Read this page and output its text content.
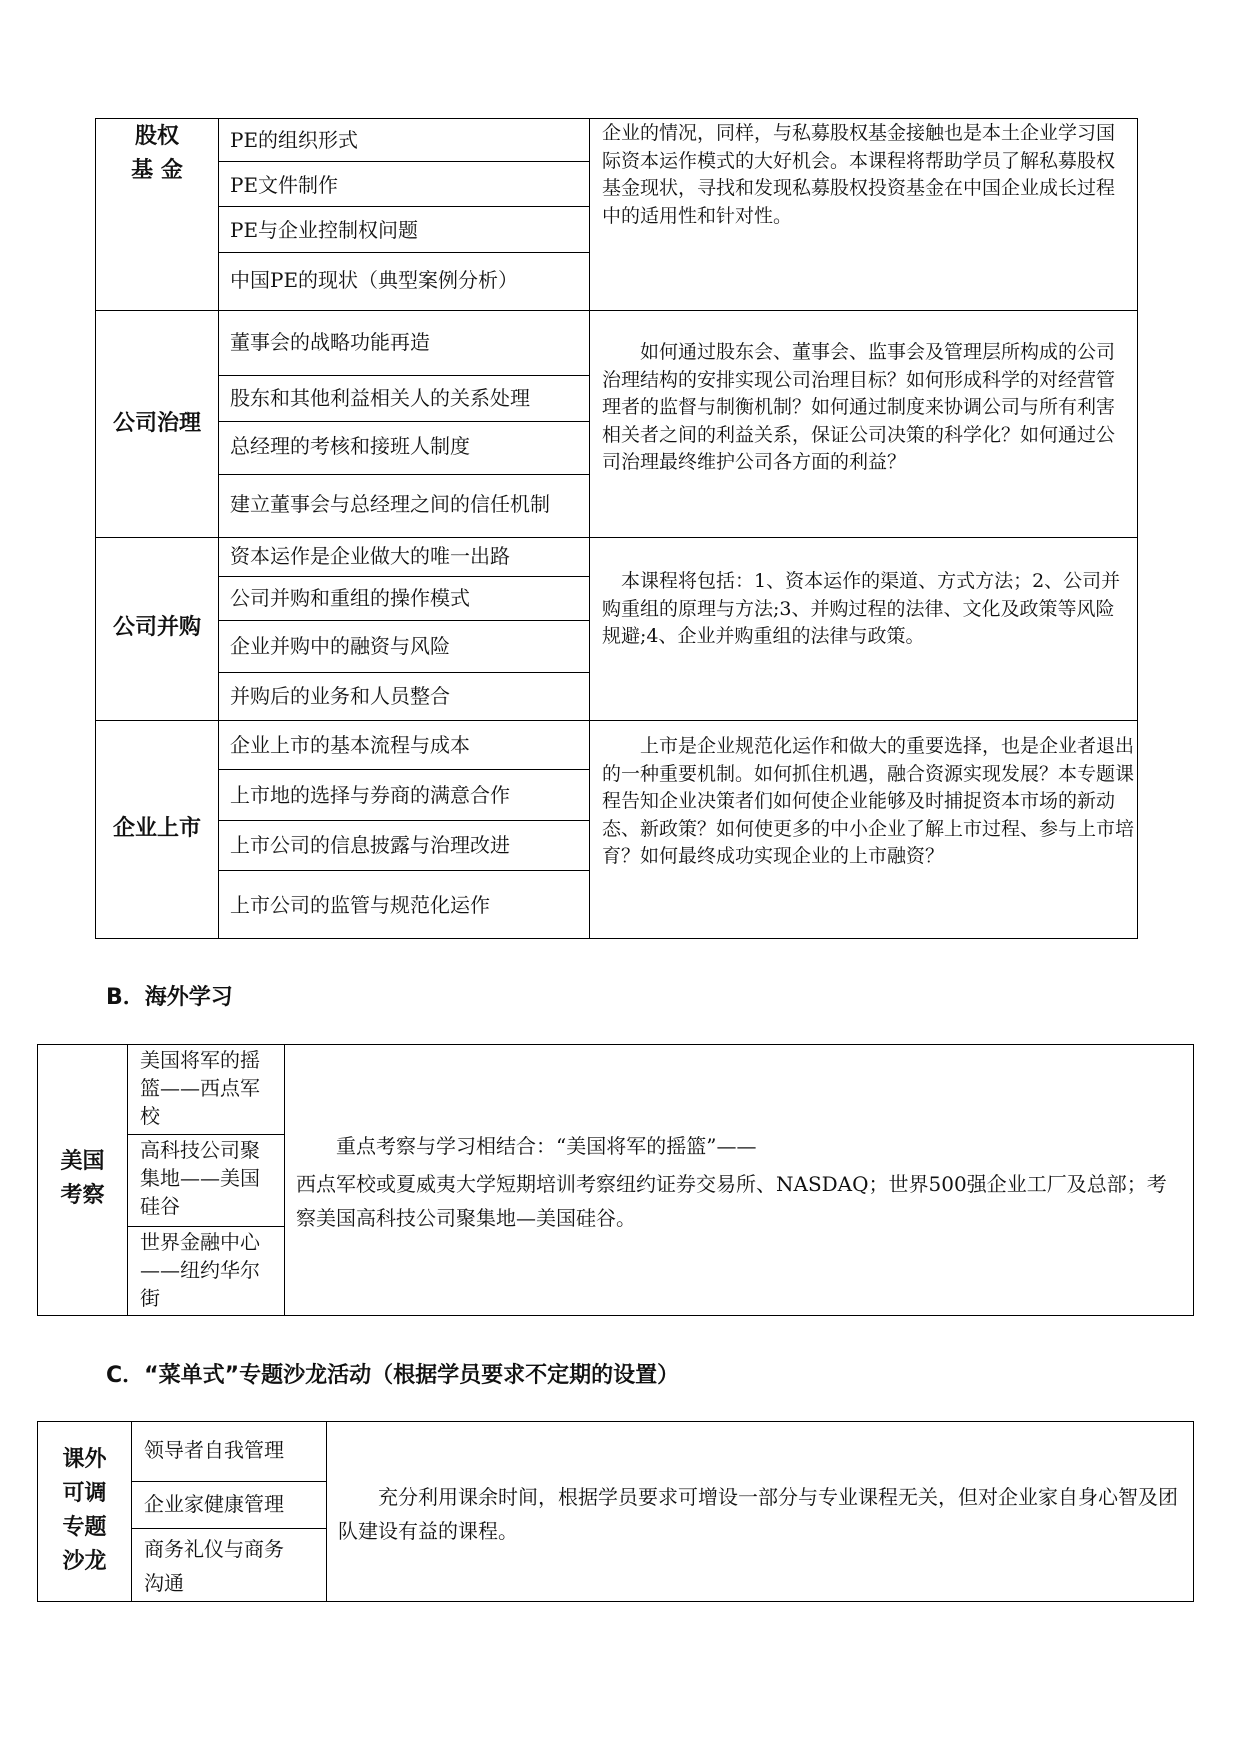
股权
基 金
PE的组织形式
PE文件制作
PE与企业控制权问题
中国PE的现状（典型案例分析）
企业的情况，同样，与私募股权基金接触也是本土企业学习国际资本运作模式的大好机会。本课程将帮助学员了解私募股权基金现状，寻找和发现私募股权投资基金在中国企业成长过程中的适用性和针对性。
公司治理
董事会的战略功能再造
股东和其他利益相关人的关系处理
总经理的考核和接班人制度
建立董事会与总经理之间的信任机制
　　如何通过股东会、董事会、监事会及管理层所构成的公司治理结构的安排实现公司治理目标？如何形成科学的对经营管理者的监督与制衡机制？如何通过制度来协调公司与所有利害相关者之间的利益关系，保证公司决策的科学化？如何通过公司治理最终维护公司各方面的利益？
公司并购
资本运作是企业做大的唯一出路
公司并购和重组的操作模式
企业并购中的融资与风险
并购后的业务和人员整合
　本课程将包括：1、资本运作的渠道、方式方法；2、公司并购重组的原理与方法;3、并购过程的法律、文化及政策等风险规避;4、企业并购重组的法律与政策。
企业上市
企业上市的基本流程与成本
上市地的选择与券商的满意合作
上市公司的信息披露与治理改进
上市公司的监管与规范化运作
　　上市是企业规范化运作和做大的重要选择，也是企业者退出的一种重要机制。如何抓住机遇，融合资源实现发展？本专题课程告知企业决策者们如何使企业能够及时捕捉资本市场的新动态、新政策？如何使更多的中小企业了解上市过程、参与上市培育？如何最终成功实现企业的上市融资？
B．海外学习
美国
考察
美国将军的摇篮——西点军校
高科技公司聚集地——美国硅谷
世界金融中心——纽约华尔街
　　重点考察与学习相结合：“美国将军的摇篮”——
西点军校或夏威夷大学短期培训考察纽约证券交易所、NASDAQ；世界500强企业工厂及总部；考察美国高科技公司聚集地—美国硅谷。
C．“菜单式”专题沙龙活动（根据学员要求不定期的设置）
课外
可调
专题
沙龙
领导者自我管理
企业家健康管理
商务礼仪与商务沟通
　　充分利用课余时间，根据学员要求可增设一部分与专业课程无关，但对企业家自身心智及团队建设有益的课程。
